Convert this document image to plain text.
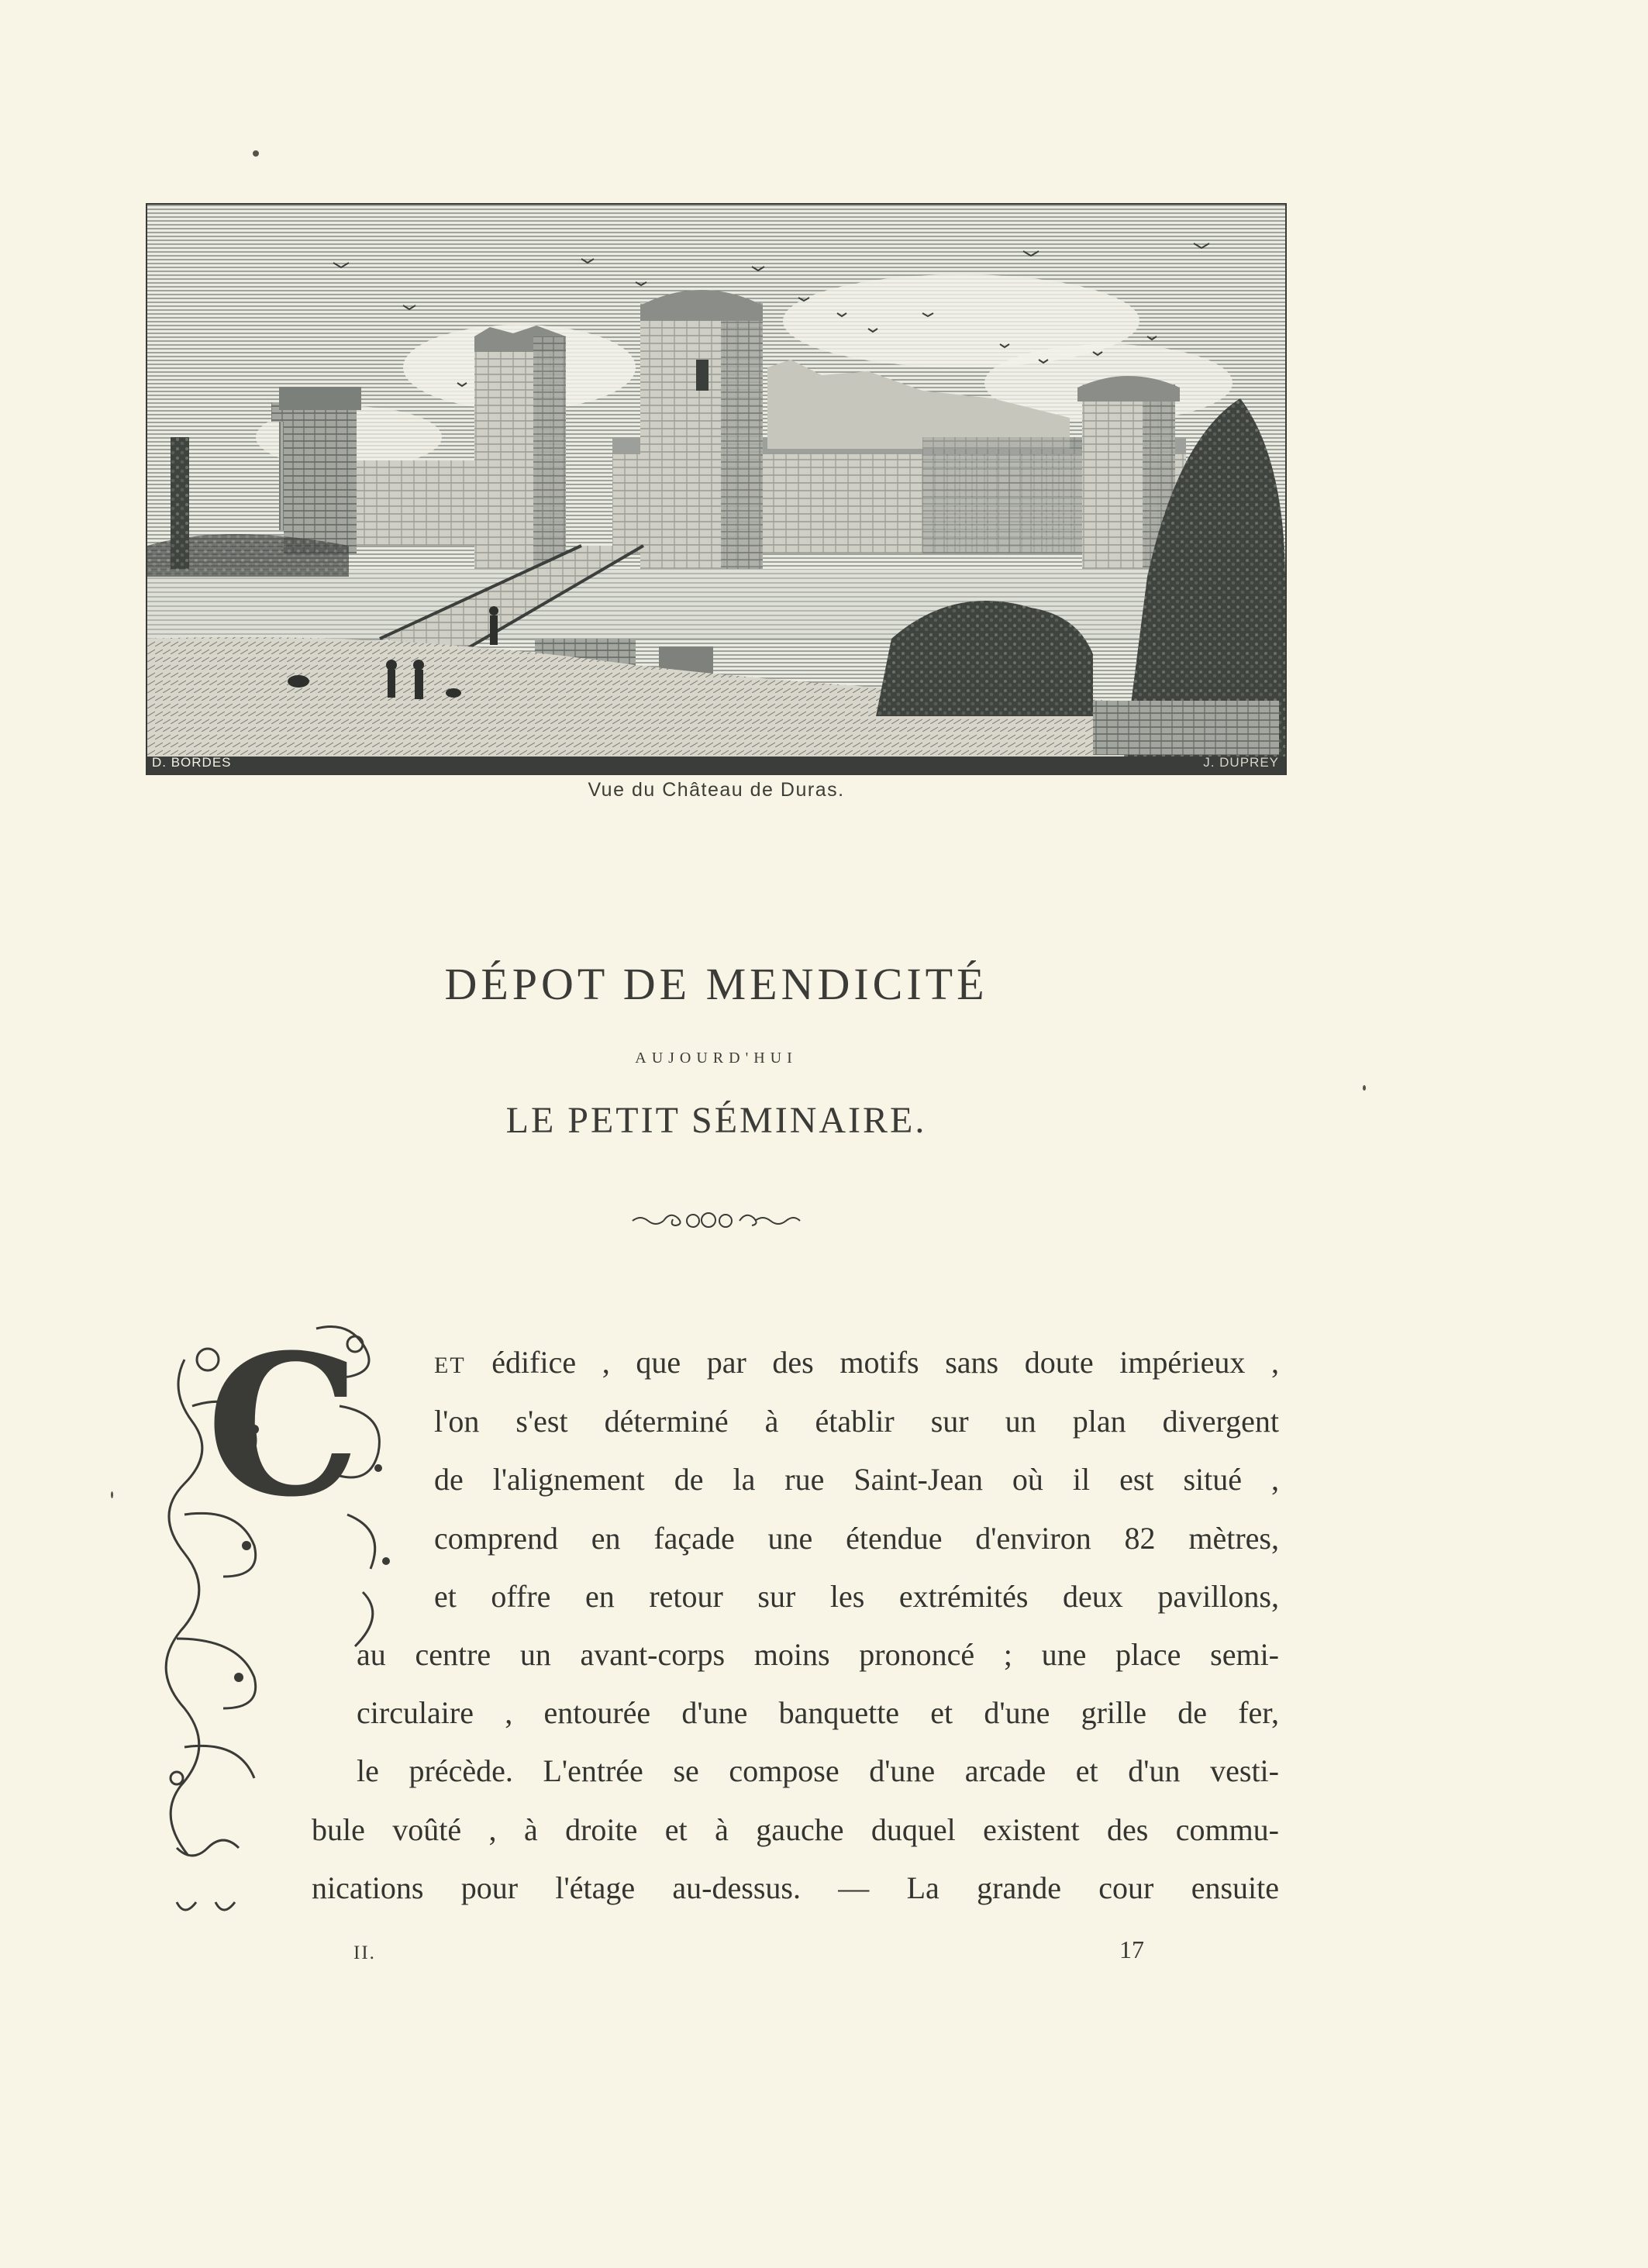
D. BORDES	J. DUPREY
Vue du Château de Duras.
DÉPOT DE MENDICITÉ
AUJOURD'HUI
LE PETIT SÉMINAIRE.
C	ET édifice , que par des motifs sans doute impérieux ,
l'on s'est déterminé à établir sur un plan divergent
de l'alignement de la rue Saint-Jean où il est situé ,
comprend en façade une étendue d'environ 82 mètres,
et offre en retour sur les extrémités deux pavillons,
au centre un avant-corps moins prononcé ; une place semi-
circulaire , entourée d'une banquette et d'une grille de fer,
le précède. L'entrée se compose d'une arcade et d'un vesti-
bule voûté , à droite et à gauche duquel existent des commu-
nications pour l'étage au-dessus. — La grande cour ensuite
II.	17
